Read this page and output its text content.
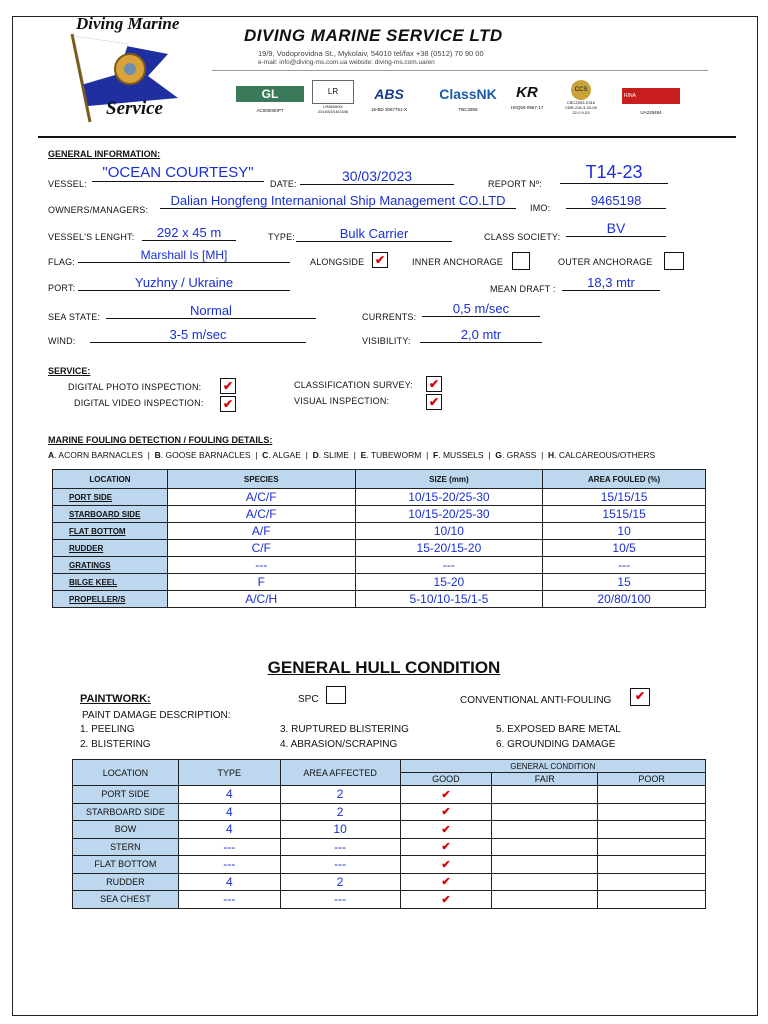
Diving Marine
Service
DIVING MARINE SERVICE LTD
19/9, Vodoprovidna St., Mykolaiv, 54010 tel/fax +38 (0512) 70 90 00
e-mail: info@diving-ms.com.ua website: diving-ms.com.ua/en
GL
AC000000PT
LR
LR860000/ 2016/03/16/1346
ABS
16-BD 3067761-X
ClassNK
TBC2858
KR
HSQ50-0967-17
CCS
CBCZ053-S316 CBR-226-3-33-09 22-0 9-03
RINA
UA228484
GENERAL INFORMATION:
VESSEL:
"OCEAN COURTESY"
DATE:	30/03/2023	REPORT Nº:
T14-23
OWNERS/MANAGERS:
Dalian Hongfeng Internanional Ship Management CO.LTD	IMO:	9465198
VESSEL'S LENGHT:	292 x 45 m	TYPE:	Bulk Carrier	CLASS SOCIETY:
BV
FLAG:	Marshall Is [MH]	ALONGSIDE ✔	INNER ANCHORAGE	OUTER ANCHORAGE
PORT:	Yuzhny / Ukraine	MEAN DRAFT :	18,3 mtr
SEA STATE:	Normal	CURRENTS:
0,5 m/sec
WIND:	3-5 m/sec	VISIBILITY:	2,0 mtr
SERVICE:
DIGITAL PHOTO INSPECTION: ✔
DIGITAL VIDEO INSPECTION: ✔
CLASSIFICATION SURVEY: ✔
VISUAL INSPECTION:	✔
MARINE FOULING DETECTION / FOULING DETAILS:
A. ACORN BARNACLES  |  B. GOOSE BARNACLES  |  C. ALGAE  |  D. SLIME  |  E. TUBEWORM  |  F. MUSSELS  |  G. GRASS  |  H. CALCAREOUS/OTHERS
LOCATION	SPECIES	SIZE (mm)	AREA FOULED (%)
PORT SIDE	A/C/F	10/15-20/25-30	15/15/15
STARBOARD SIDE	A/C/F	10/15-20/25-30	1515/15
FLAT BOTTOM	A/F	10/10	10
RUDDER	C/F	15-20/15-20	10/5
GRATINGS	---	---	---
BILGE KEEL	F	15-20	15
PROPELLER/S	A/C/H	5-10/10-15/1-5	20/80/100
GENERAL HULL CONDITION
PAINTWORK:	SPC	CONVENTIONAL ANTI-FOULING	✔
PAINT DAMAGE DESCRIPTION:
1. PEELING
2. BLISTERING
3. RUPTURED BLISTERING
4. ABRASION/SCRAPING
5. EXPOSED BARE METAL
6. GROUNDING DAMAGE
LOCATION	TYPE	AREA AFFECTED	GENERAL CONDITION		
			GOOD	FAIR	POOR
PORT SIDE	4	2	✔		
STARBOARD SIDE	4	2	✔		
BOW	4	10	✔		
STERN	---	---	✔		
FLAT BOTTOM	---	---	✔		
RUDDER	4	2	✔		
SEA CHEST	---	---	✔		
